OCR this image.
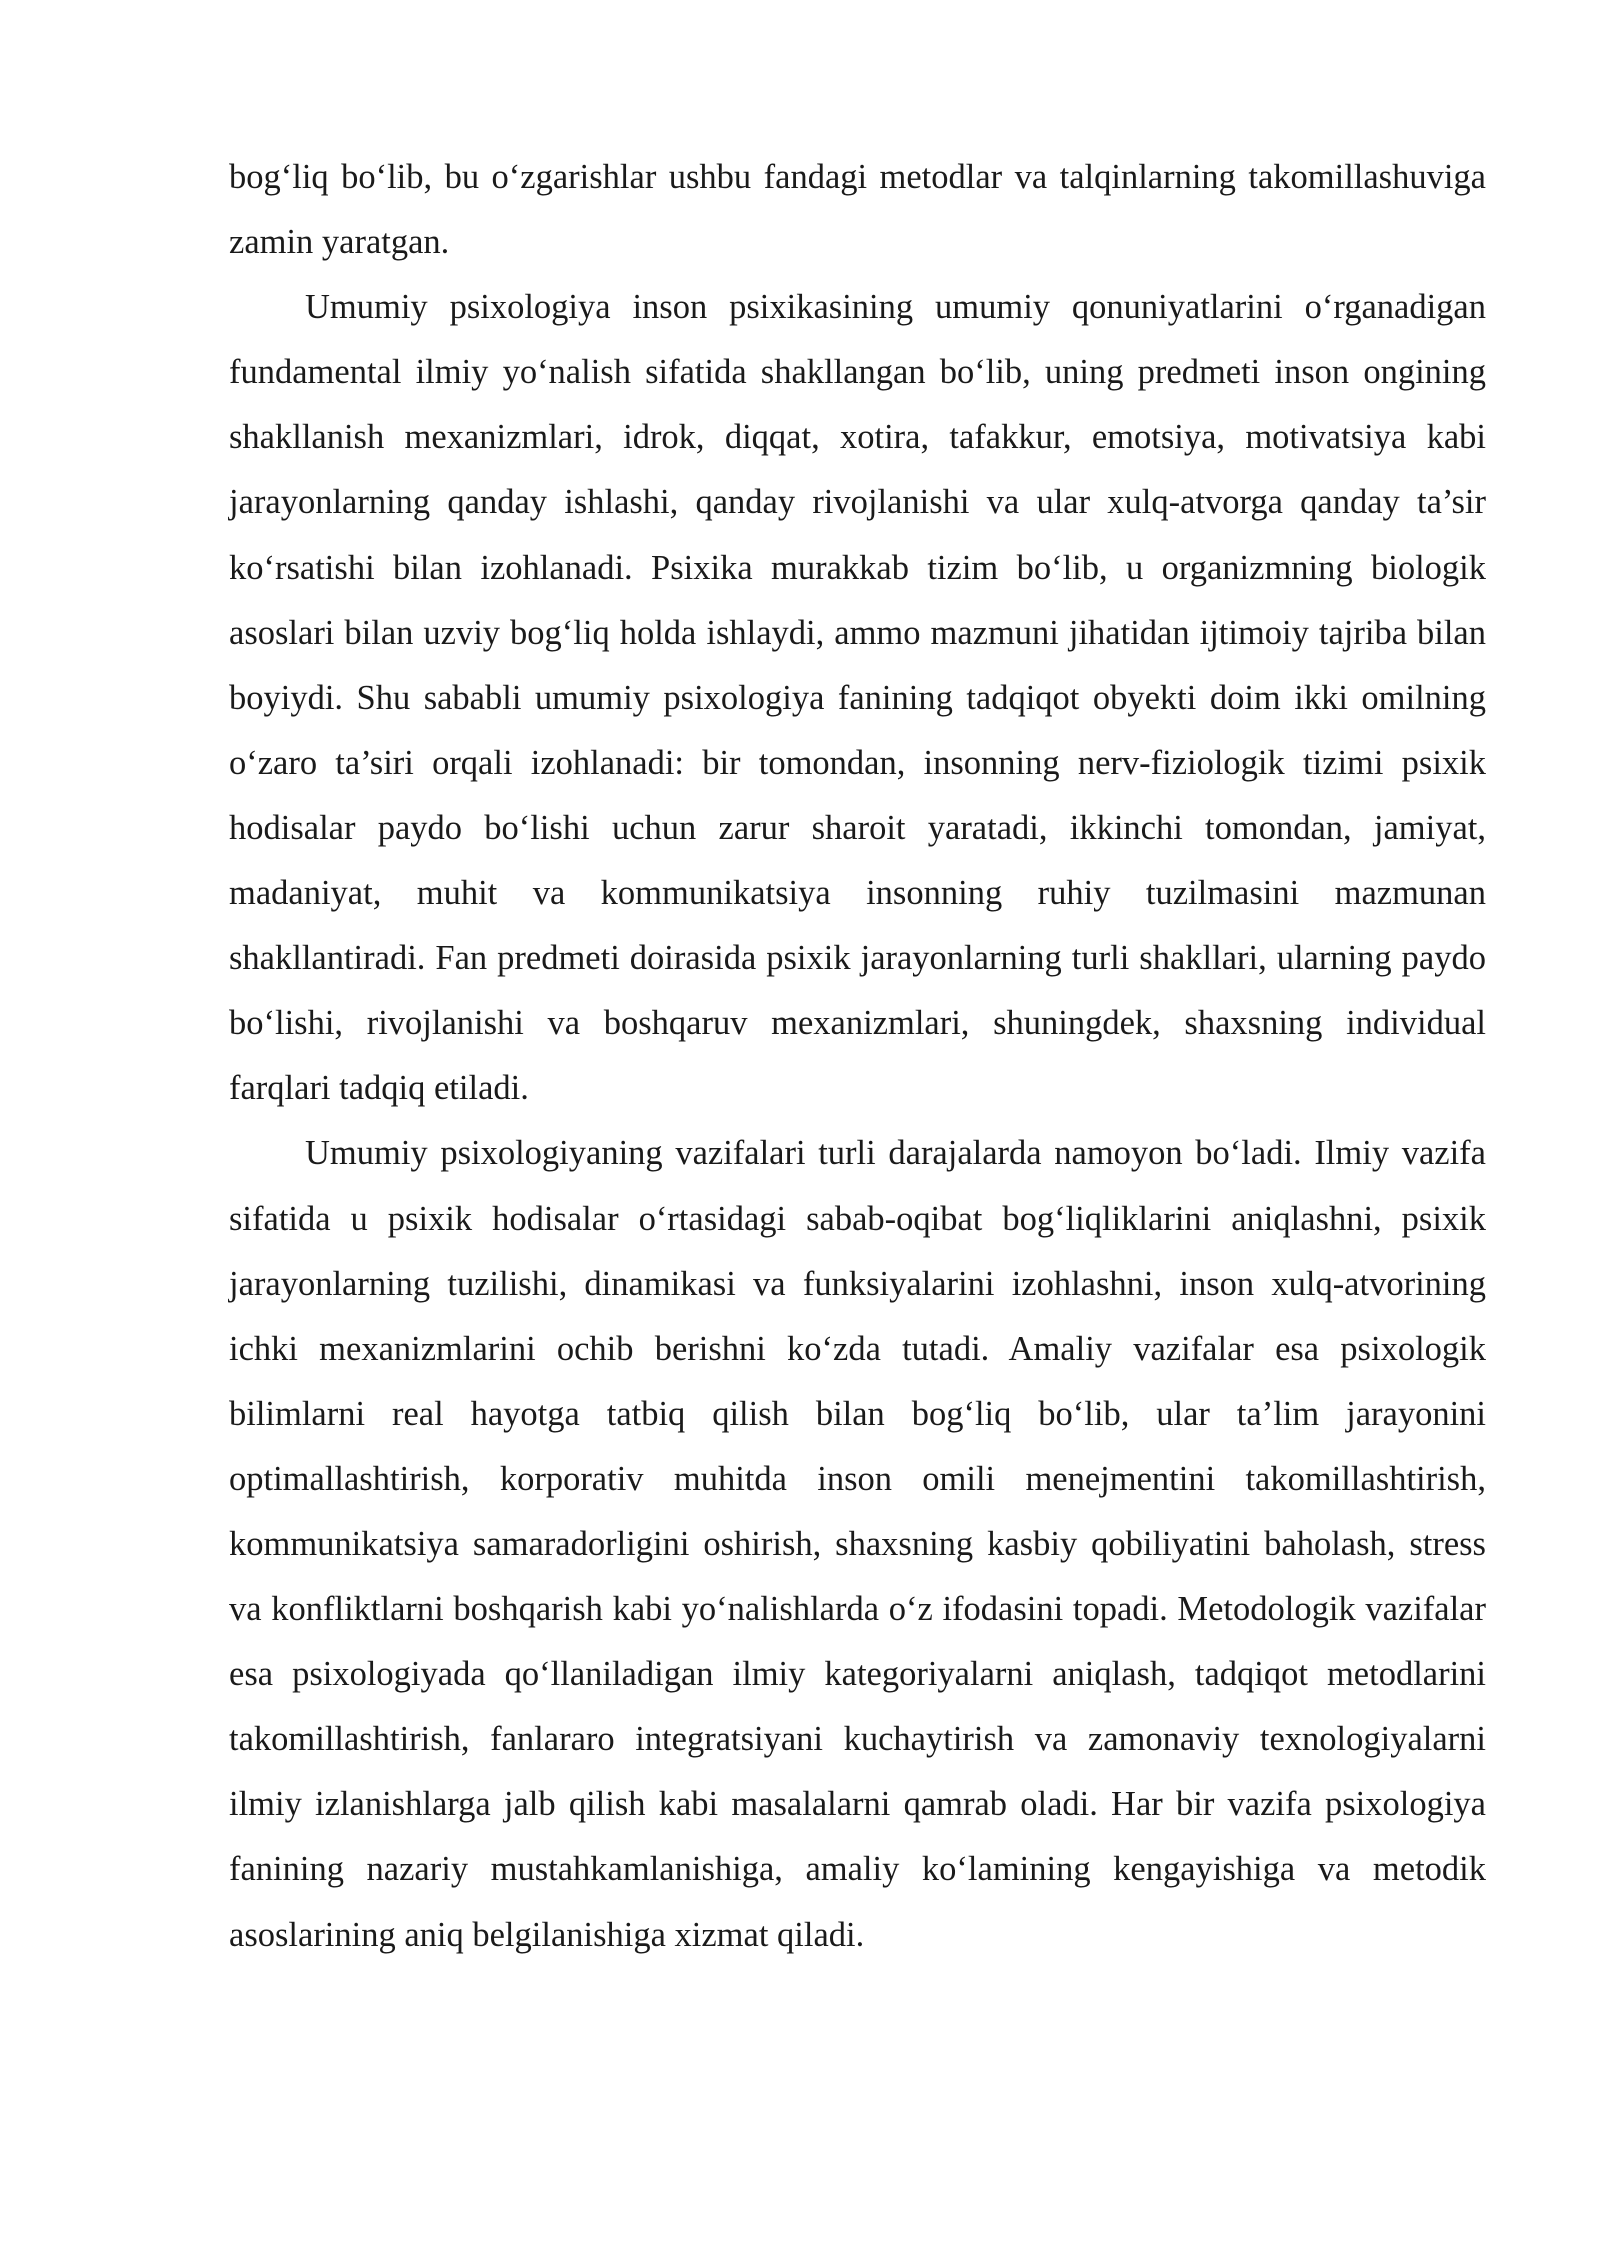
bog‘liq bo‘lib, bu o‘zgarishlar ushbu fandagi metodlar va talqinlarning takomillashuviga zamin yaratgan.

Umumiy psixologiya inson psixikasining umumiy qonuniyatlarini o‘rganadigan fundamental ilmiy yo‘nalish sifatida shakllangan bo‘lib, uning predmeti inson ongining shakllanish mexanizmlari, idrok, diqqat, xotira, tafakkur, emotsiya, motivatsiya kabi jarayonlarning qanday ishlashi, qanday rivojlanishi va ular xulq-atvorga qanday ta’sir ko‘rsatishi bilan izohlanadi. Psixika murakkab tizim bo‘lib, u organizmning biologik asoslari bilan uzviy bog‘liq holda ishlaydi, ammo mazmuni jihatidan ijtimoiy tajriba bilan boyiydi. Shu sababli umumiy psixologiya fanining tadqiqot obyekti doim ikki omilning o‘zaro ta’siri orqali izohlanadi: bir tomondan, insonning nerv-fiziologik tizimi psixik hodisalar paydo bo‘lishi uchun zarur sharoit yaratadi, ikkinchi tomondan, jamiyat, madaniyat, muhit va kommunikatsiya insonning ruhiy tuzilmasini mazmunan shakllantiradi. Fan predmeti doirasida psixik jarayonlarning turli shakllari, ularning paydo bo‘lishi, rivojlanishi va boshqaruv mexanizmlari, shuningdek, shaxsning individual farqlari tadqiq etiladi.

Umumiy psixologiyaning vazifalari turli darajalarda namoyon bo‘ladi. Ilmiy vazifa sifatida u psixik hodisalar o‘rtasidagi sabab-oqibat bog‘liqliklarini aniqlashni, psixik jarayonlarning tuzilishi, dinamikasi va funksiyalarini izohlashni, inson xulq-atvorining ichki mexanizmlarini ochib berishni ko‘zda tutadi. Amaliy vazifalar esa psixologik bilimlarni real hayotga tatbiq qilish bilan bog‘liq bo‘lib, ular ta’lim jarayonini optimallashtirish, korporativ muhitda inson omili menejmentini takomillashtirish, kommunikatsiya samaradorligini oshirish, shaxsning kasbiy qobiliyatini baholash, stress va konfliktlarni boshqarish kabi yo‘nalishlarda o‘z ifodasini topadi. Metodologik vazifalar esa psixologiyada qo‘llaniladigan ilmiy kategoriyalarni aniqlash, tadqiqot metodlarini takomillashtirish, fanlararo integratsiyani kuchaytirish va zamonaviy texnologiyalarni ilmiy izlanishlarga jalb qilish kabi masalalarni qamrab oladi. Har bir vazifa psixologiya fanining nazariy mustahkamlanishiga, amaliy ko‘lamining kengayishiga va metodik asoslarining aniq belgilanishiga xizmat qiladi.
